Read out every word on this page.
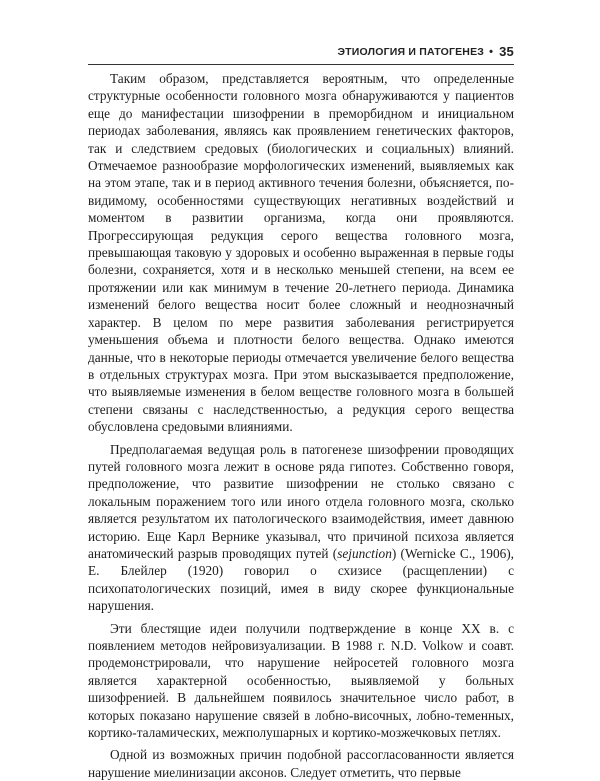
ЭТИОЛОГИЯ И ПАТОГЕНЕЗ • 35

Таким образом, представляется вероятным, что определенные структурные особенности головного мозга обнаруживаются у пациентов еще до манифестации шизофрении в преморбидном и инициальном периодах заболевания, являясь как проявлением генетических факторов, так и следствием средовых (биологических и социальных) влияний. Отмечаемое разнообразие морфологических изменений, выявляемых как на этом этапе, так и в период активного течения болезни, объясняется, по-видимому, особенностями существующих негативных воздействий и моментом в развитии организма, когда они проявляются. Прогрессирующая редукция серого вещества головного мозга, превышающая таковую у здоровых и особенно выраженная в первые годы болезни, сохраняется, хотя и в несколько меньшей степени, на всем ее протяжении или как минимум в течение 20-летнего периода. Динамика изменений белого вещества носит более сложный и неоднозначный характер. В целом по мере развития заболевания регистрируется уменьшения объема и плотности белого вещества. Однако имеются данные, что в некоторые периоды отмечается увеличение белого вещества в отдельных структурах мозга. При этом высказывается предположение, что выявляемые изменения в белом веществе головного мозга в большей степени связаны с наследственностью, а редукция серого вещества обусловлена средовыми влияниями.

Предполагаемая ведущая роль в патогенезе шизофрении проводящих путей головного мозга лежит в основе ряда гипотез. Собственно говоря, предположение, что развитие шизофрении не столько связано с локальным поражением того или иного отдела головного мозга, сколько является результатом их патологического взаимодействия, имеет давнюю историю. Еще Карл Вернике указывал, что причиной психоза является анатомический разрыв проводящих путей (sejunction) (Wernicke C., 1906), Е. Блейлер (1920) говорил о схизисе (расщеплении) с психопатологических позиций, имея в виду скорее функциональные нарушения.

Эти блестящие идеи получили подтверждение в конце XX в. с появлением методов нейровизуализации. В 1988 г. N.D. Volkow и соавт. продемонстрировали, что нарушение нейросетей головного мозга является характерной особенностью, выявляемой у больных шизофренией. В дальнейшем появилось значительное число работ, в которых показано нарушение связей в лобно-височных, лобно-теменных, кортико-таламических, межполушарных и кортико-мозжечковых петлях.

Одной из возможных причин подобной рассогласованности является нарушение миелинизации аксонов. Следует отметить, что первые
